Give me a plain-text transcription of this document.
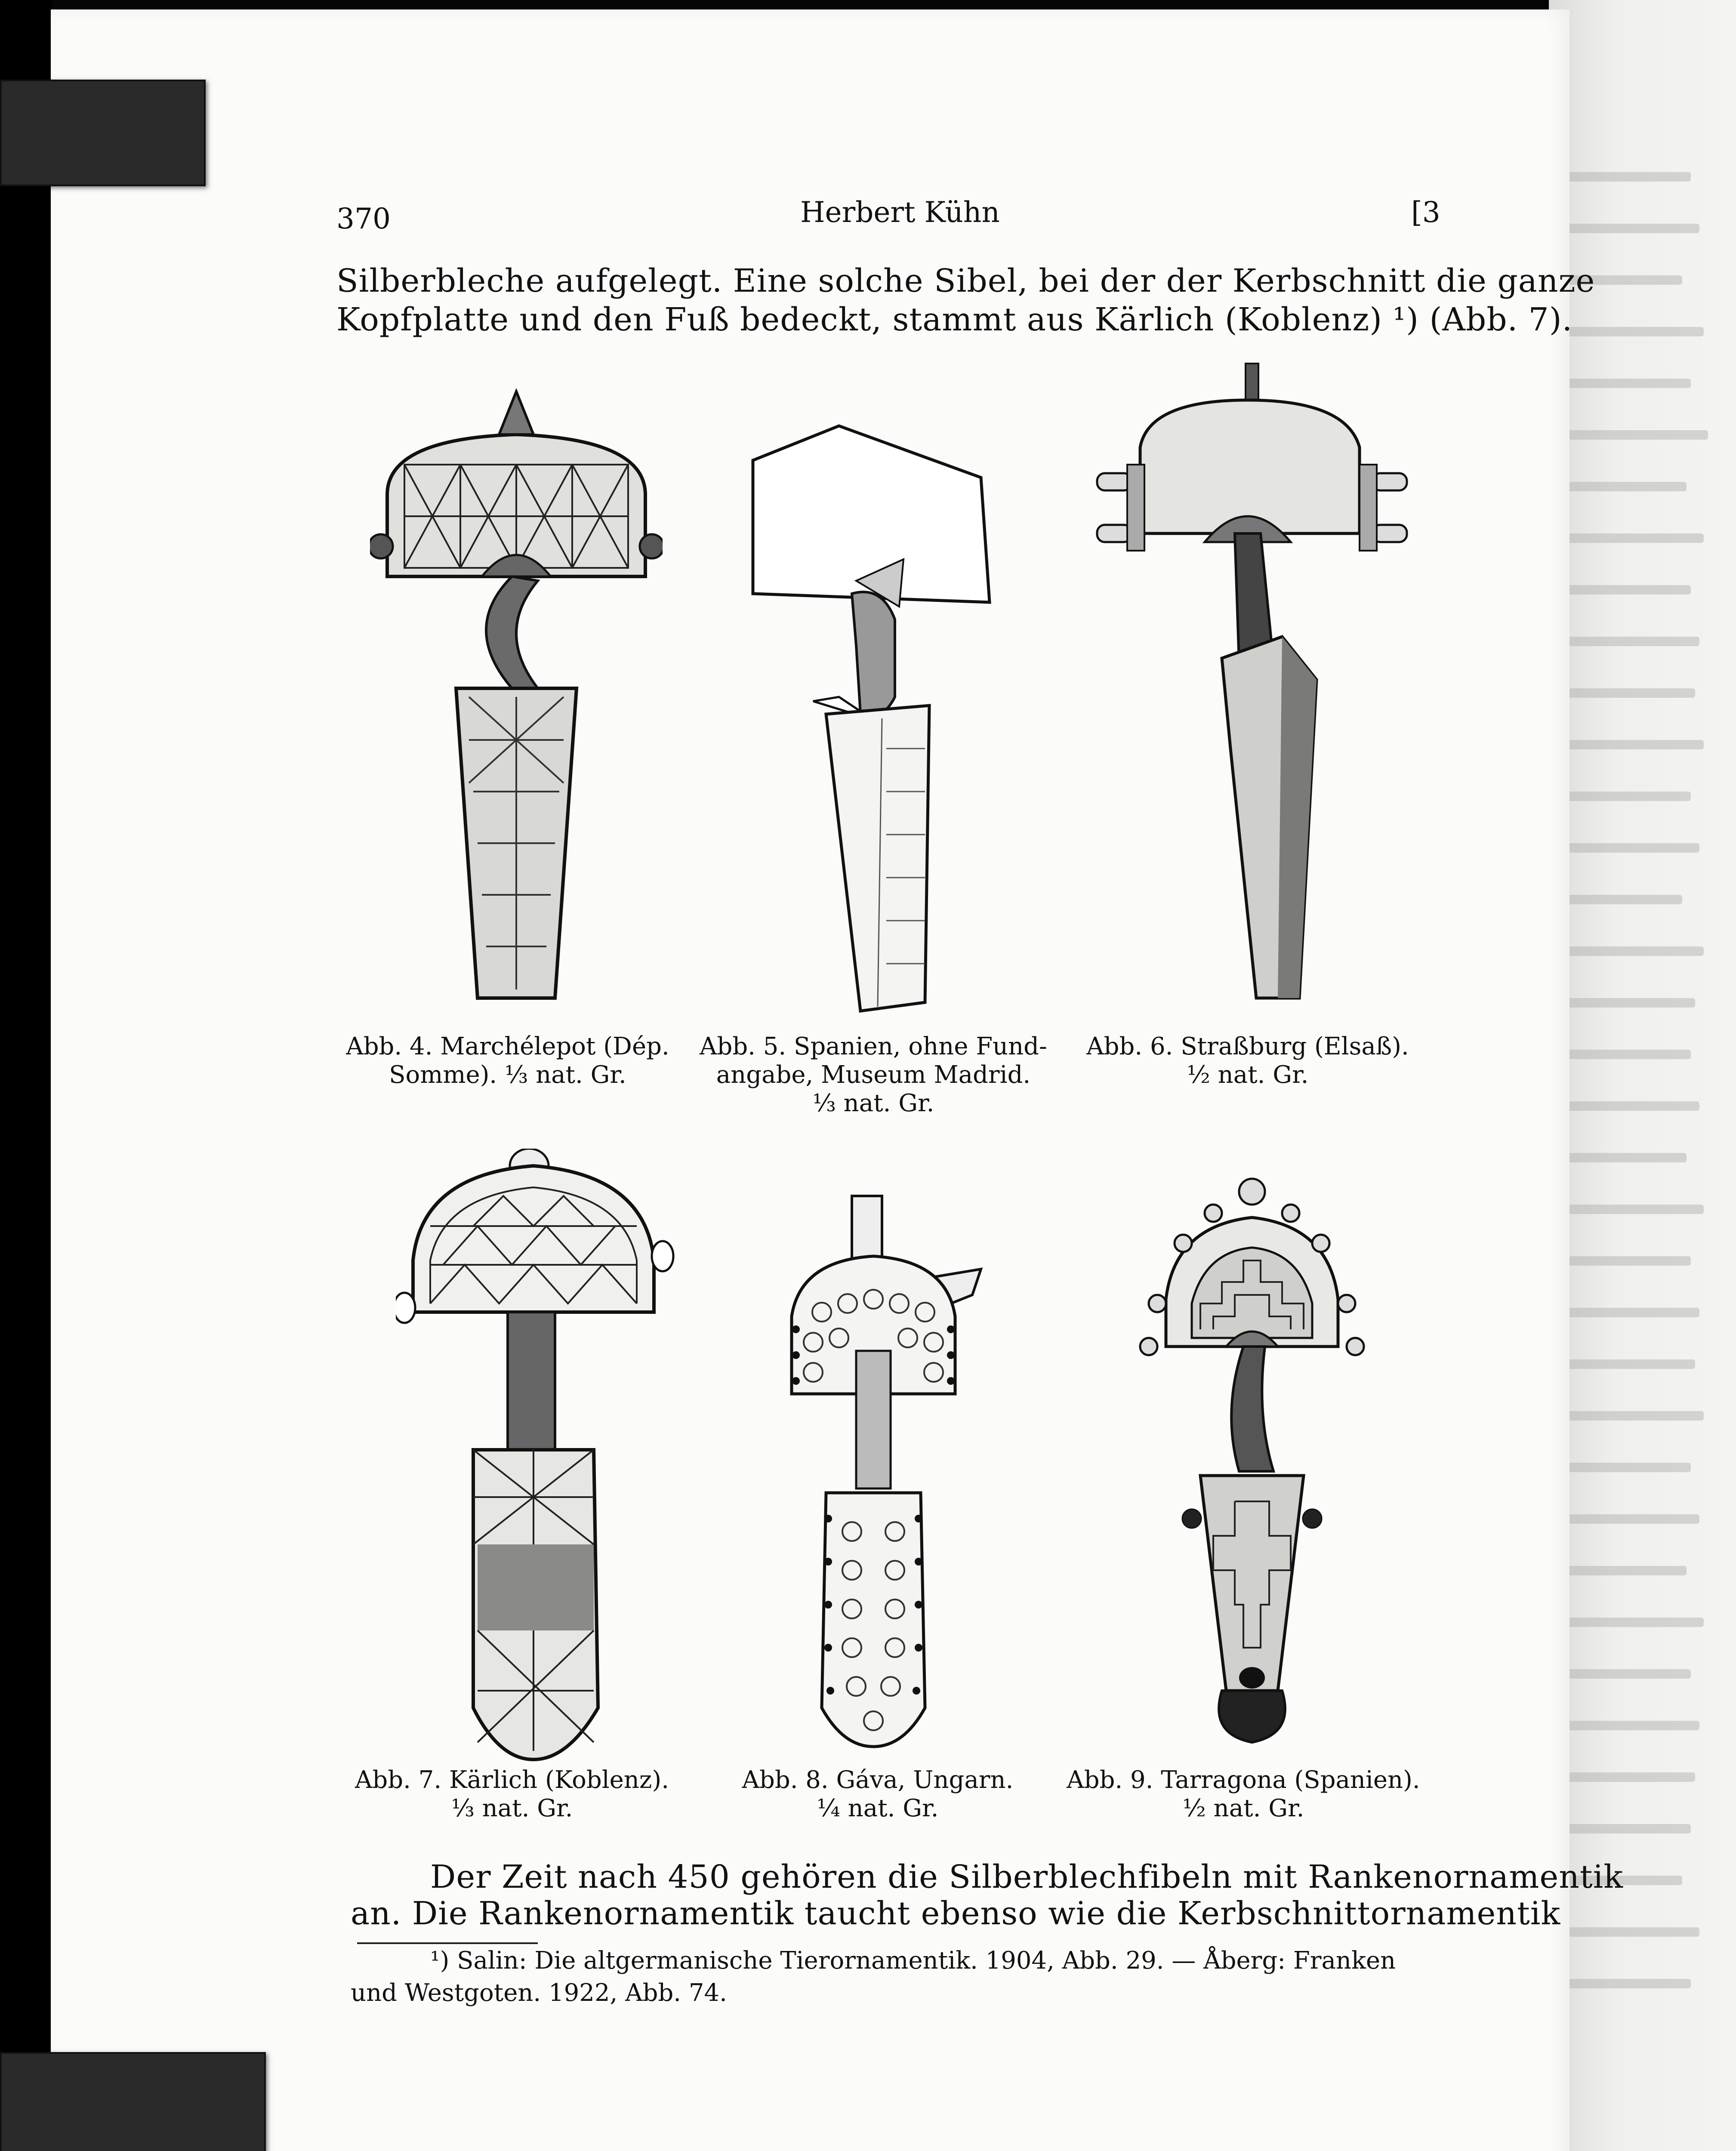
370	Herbert Kühn	[3
Silberbleche aufgelegt. Eine solche Sibel, bei der der Kerbschnitt die ganze
Kopfplatte und den Fuß bedeckt, stammt aus Kärlich (Koblenz) ¹) (Abb. 7).
Abb. 4. Marchélepot (Dép.
Somme). ⅓ nat. Gr.
Abb. 5. Spanien, ohne Fund-
angabe, Museum Madrid.
⅓ nat. Gr.
Abb. 6. Straßburg (Elsaß).
½ nat. Gr.
Abb. 7. Kärlich (Koblenz).
⅓ nat. Gr.
Abb. 8. Gáva, Ungarn.
¼ nat. Gr.
Abb. 9. Tarragona (Spanien).
½ nat. Gr.
Der Zeit nach 450 gehören die Silberblechfibeln mit Rankenornamentik
an. Die Rankenornamentik taucht ebenso wie die Kerbschnittornamentik
¹) Salin: Die altgermanische Tierornamentik. 1904, Abb. 29. — Åberg: Franken
und Westgoten. 1922, Abb. 74.
